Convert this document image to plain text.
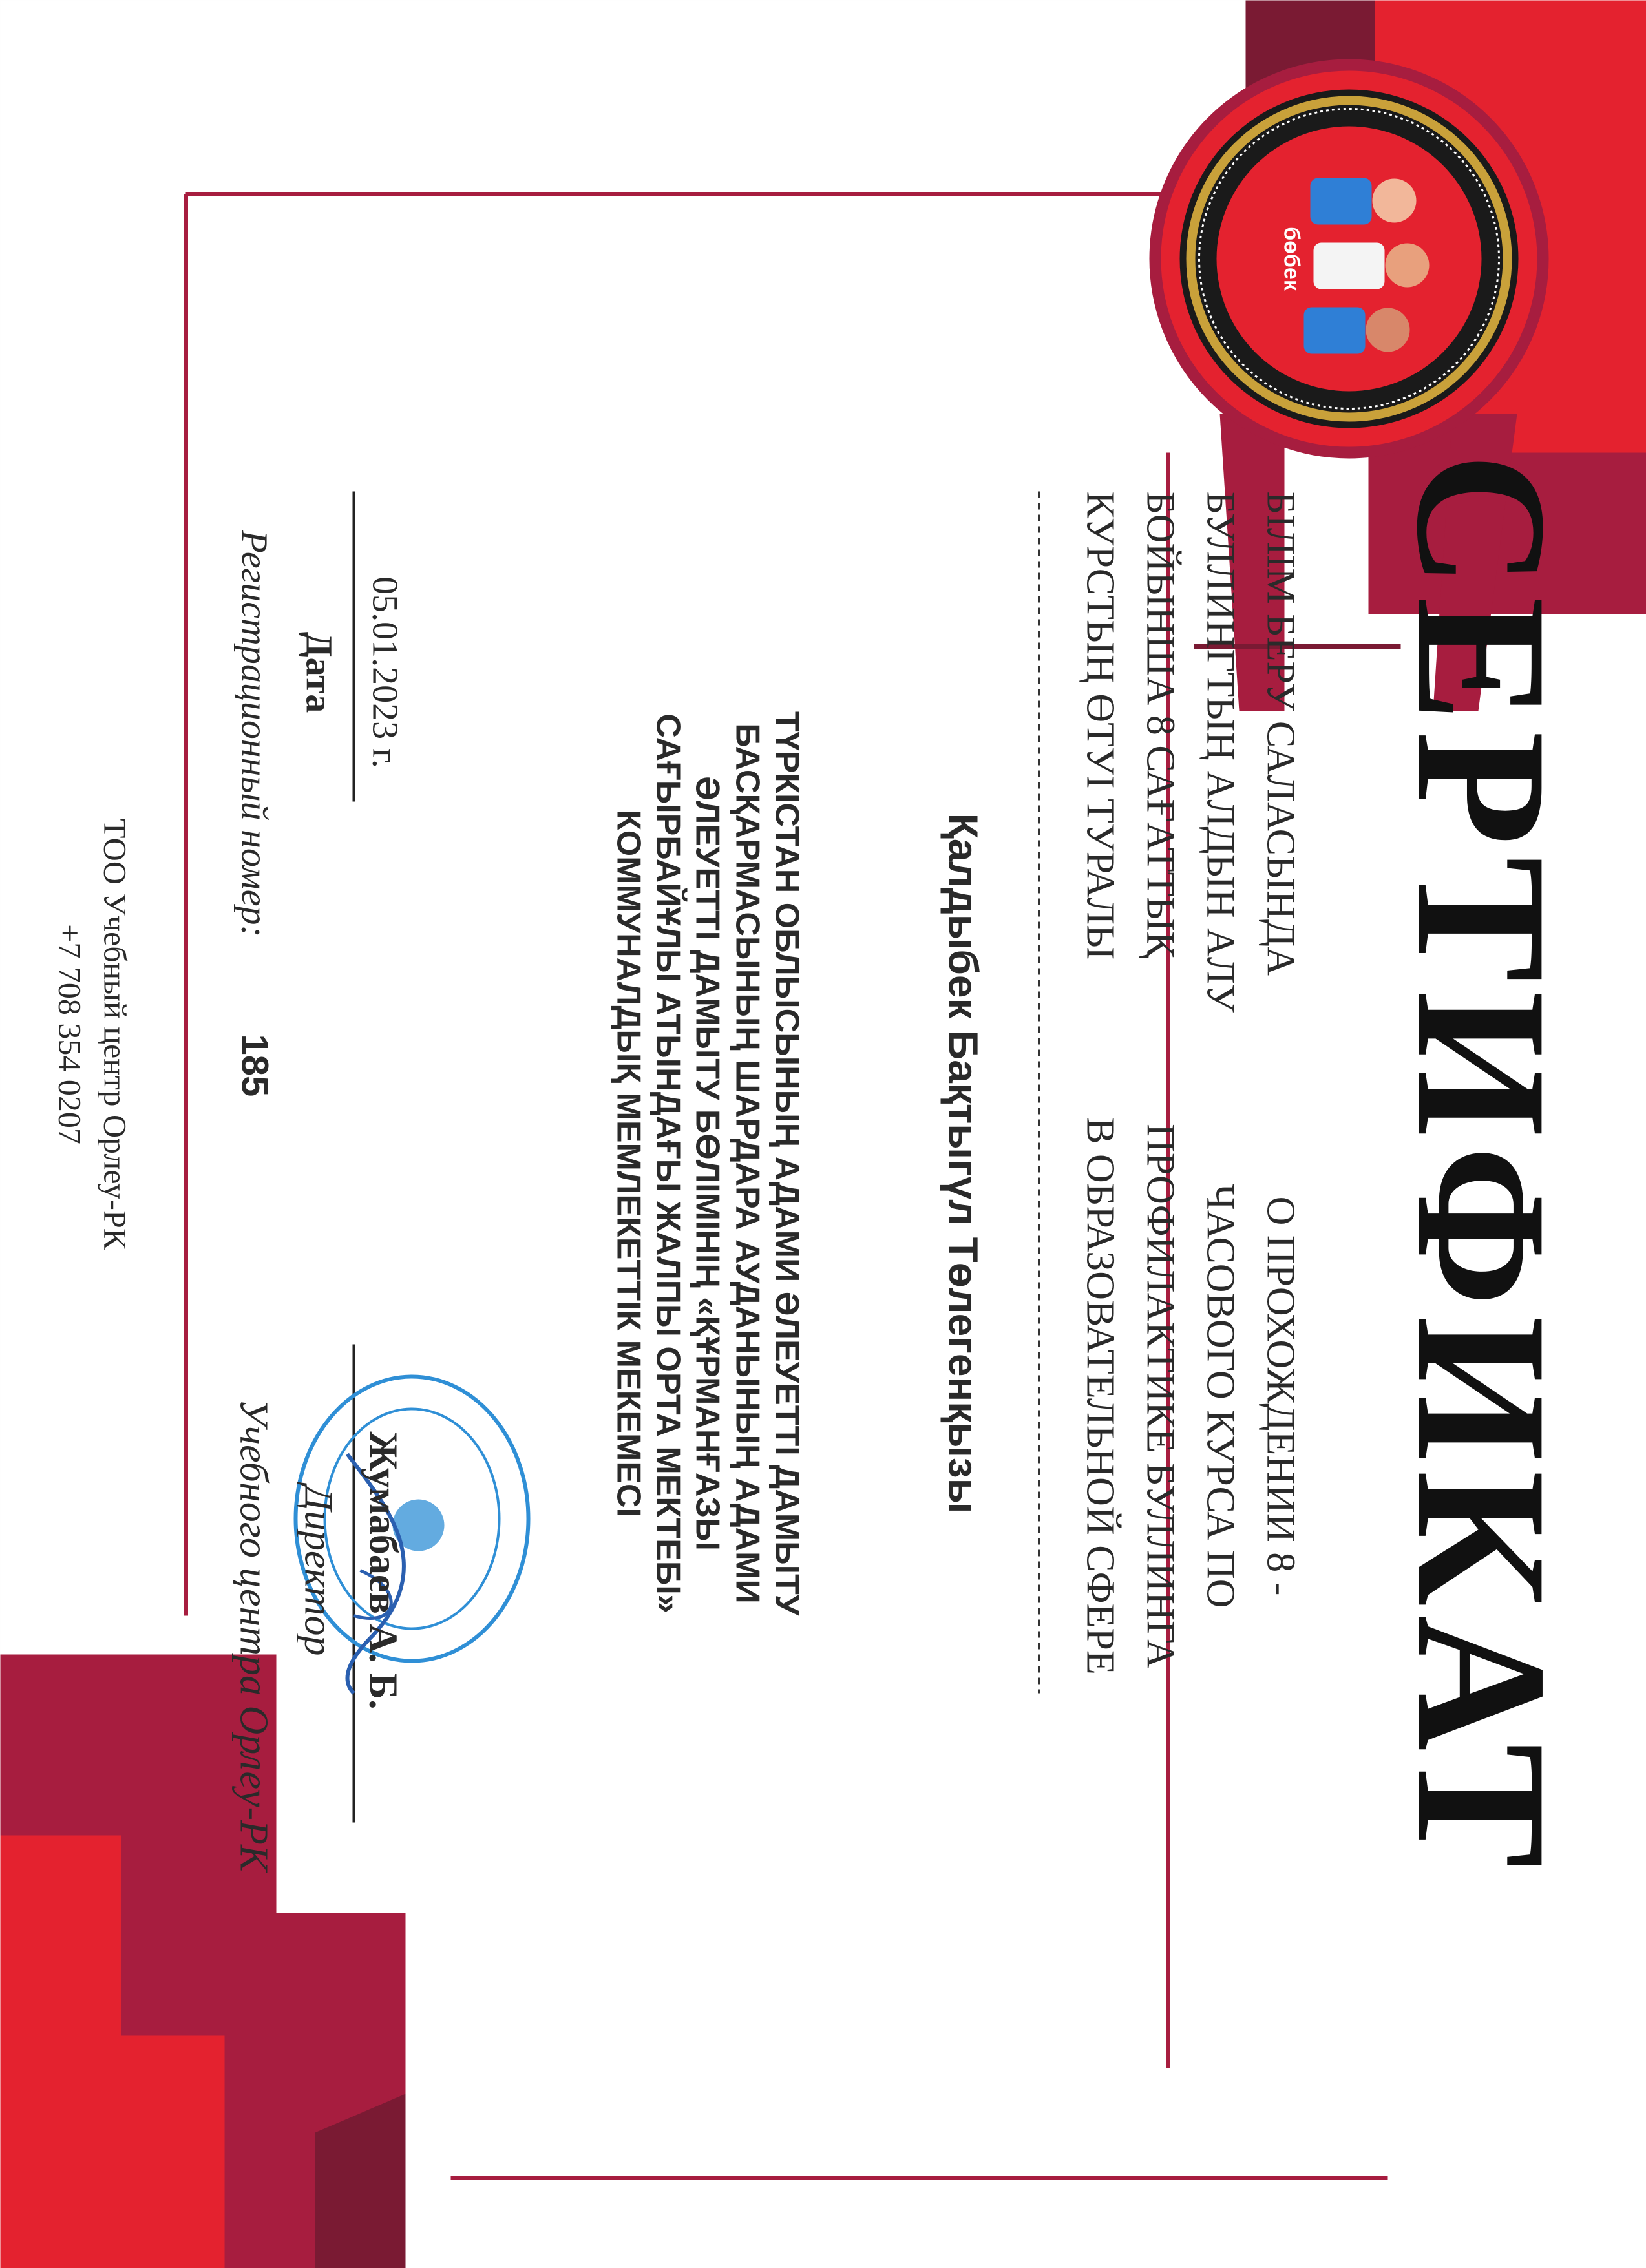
бөбек
СЕРТИФИКАТ
БІЛІМ БЕРУ САЛАСЫНДА
БУЛЛИНГТЫҢ АЛДЫН АЛУ
БОЙЫНША 8 САҒАТТЫҚ
КУРСТЫҢ ӨТУІ ТУРАЛЫ
О ПРОХОЖДЕНИИ 8 -
ЧАСОВОГО КУРСА ПО
ПРОФИЛАКТИКЕ БУЛЛИНГА
В ОБРАЗОВАТЕЛЬНОЙ СФЕРЕ
Қалдыбек Бақтыгүл Төлегенқызы
ТҮРКІСТАН ОБЛЫСЫНЫҢ АДАМИ ӘЛЕУЕТТІ ДАМЫТУ
БАСҚАРМАСЫНЫҢ ШАРДАРА АУДАНЫНЫҢ АДАМИ
ӘЛЕУЕТТІ ДАМЫТУ БӨЛІМІНІҢ «ҚҰРМАНҒАЗЫ
САҒЫРБАЙҰЛЫ АТЫНДАҒЫ ЖАЛПЫ ОРТА МЕКТЕБІ»
КОММУНАЛДЫҚ МЕМЛЕКЕТТІК МЕКЕМЕСІ
05.01.2023 г.
Дата
Регистрационный номер:
185
Жумабаев А. Б.
Директор
Учебного центра Орлеу-РК
ТОО Учебный центр Орлеу-РК
+7 708 354 0207
